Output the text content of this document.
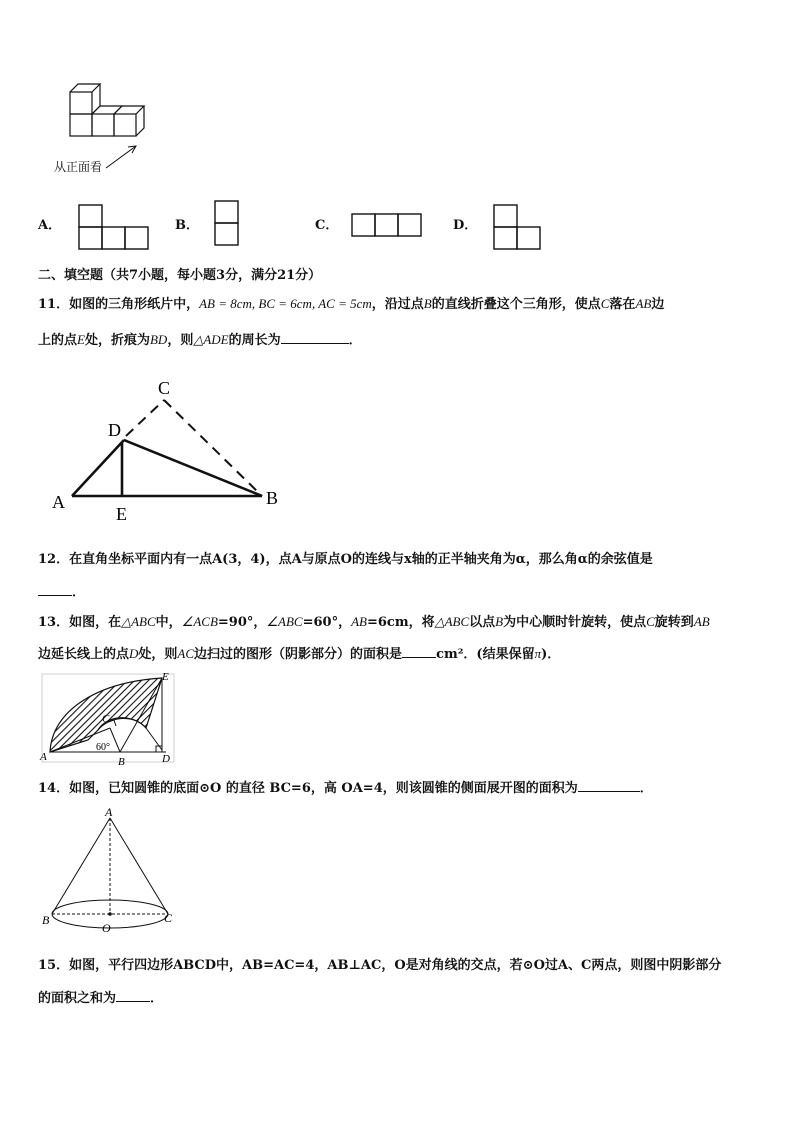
从正面看
A．	B．	C．	D．
二、填空题（共7小题，每小题3分，满分21分）
11．如图的三角形纸片中，AB = 8cm, BC = 6cm, AC = 5cm，沿过点B的直线折叠这个三角形，使点C落在AB边
上的点E处，折痕为BD，则△ADE的周长为	．
C
D
A
E
B
12．在直角坐标平面内有一点A(3，4)，点A与原点O的连线与x轴的正半轴夹角为α，那么角α的余弦值是
．
13．如图，在△ABC中，∠ACB=90°，∠ABC=60°，AB=6cm，将△ABC以点B为中心顺时针旋转，使点C旋转到AB
边延长线上的点D处，则AC边扫过的图形（阴影部分）的面积是	cm²．(结果保留π)．
A	B
C
D
E
60°
14．如图，已知圆锥的底面⊙O 的直径 BC=6，高 OA=4，则该圆锥的侧面展开图的面积为	．
A
B	C
O
15．如图，平行四边形ABCD中，AB=AC=4，AB⊥AC，O是对角线的交点，若⊙O过A、C两点，则图中阴影部分
的面积之和为	．
